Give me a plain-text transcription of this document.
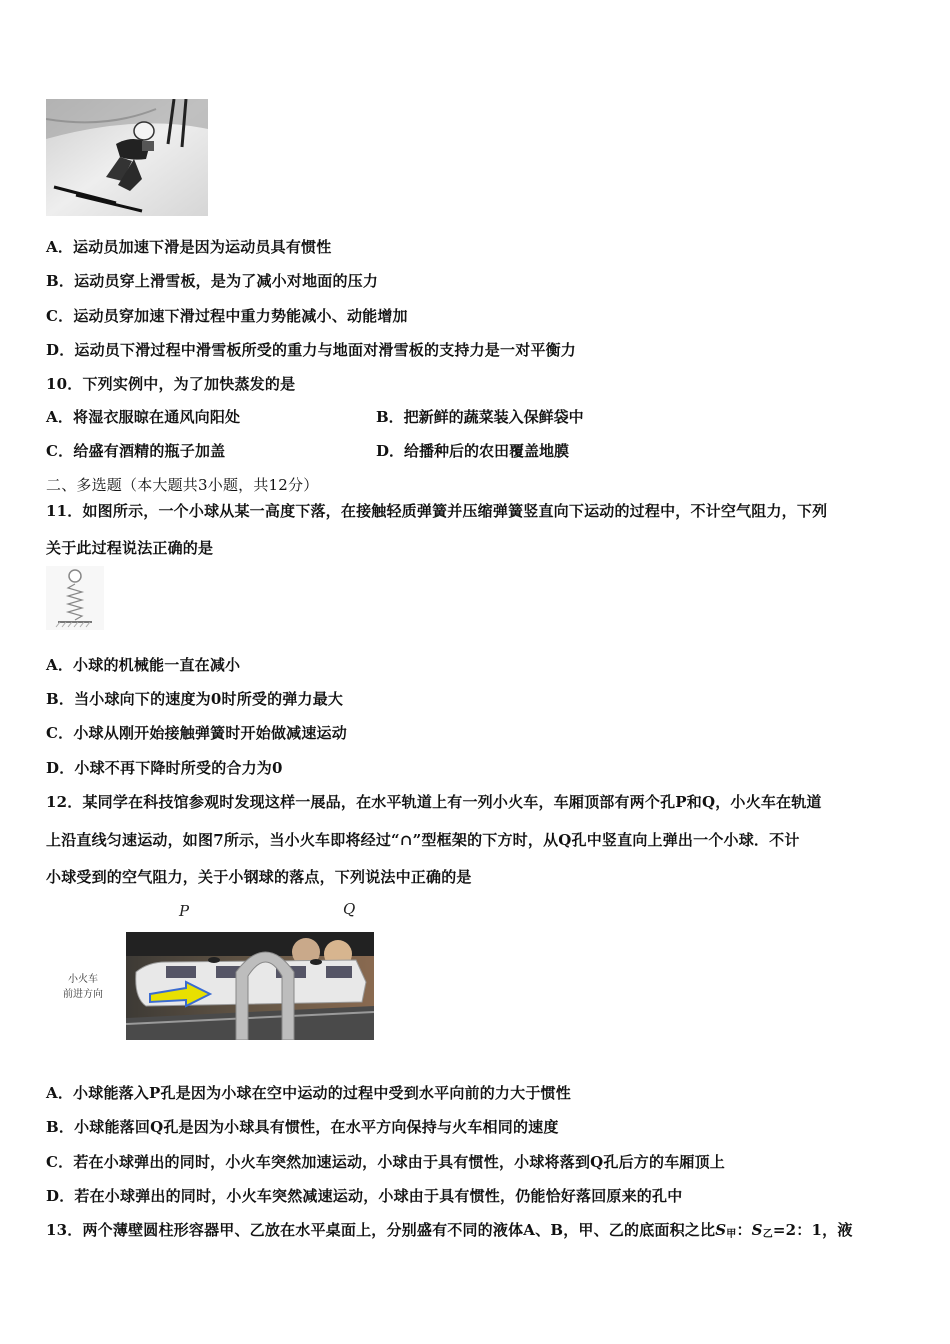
A．运动员加速下滑是因为运动员具有惯性
B．运动员穿上滑雪板，是为了减小对地面的压力
C．运动员穿加速下滑过程中重力势能减小、动能增加
D．运动员下滑过程中滑雪板所受的重力与地面对滑雪板的支持力是一对平衡力
10．下列实例中，为了加快蒸发的是
A．将湿衣服晾在通风向阳处	B．把新鲜的蔬菜装入保鲜袋中
C．给盛有酒精的瓶子加盖	D．给播种后的农田覆盖地膜
二、多选题（本大题共3小题，共12分）
11．如图所示，一个小球从某一高度下落，在接触轻质弹簧并压缩弹簧竖直向下运动的过程中，不计空气阻力，下列
关于此过程说法正确的是
A．小球的机械能一直在减小
B．当小球向下的速度为0时所受的弹力最大
C．小球从刚开始接触弹簧时开始做减速运动
D．小球不再下降时所受的合力为0
12．某同学在科技馆参观时发现这样一展品，在水平轨道上有一列小火车，车厢顶部有两个孔P和Q，小火车在轨道
上沿直线匀速运动，如图7所示，当小火车即将经过“∩”型框架的下方时，从Q孔中竖直向上弹出一个小球．不计
小球受到的空气阻力，关于小钢球的落点，下列说法中正确的是
P	Q
小火车
前进方向
A．小球能落入P孔是因为小球在空中运动的过程中受到水平向前的力大于惯性
B．小球能落回Q孔是因为小球具有惯性，在水平方向保持与火车相同的速度
C．若在小球弹出的同时，小火车突然加速运动，小球由于具有惯性，小球将落到Q孔后方的车厢顶上
D．若在小球弹出的同时，小火车突然减速运动，小球由于具有惯性，仍能恰好落回原来的孔中
13．两个薄壁圆柱形容器甲、乙放在水平桌面上，分别盛有不同的液体A、B，甲、乙的底面积之比S甲：S乙=2：1，液
